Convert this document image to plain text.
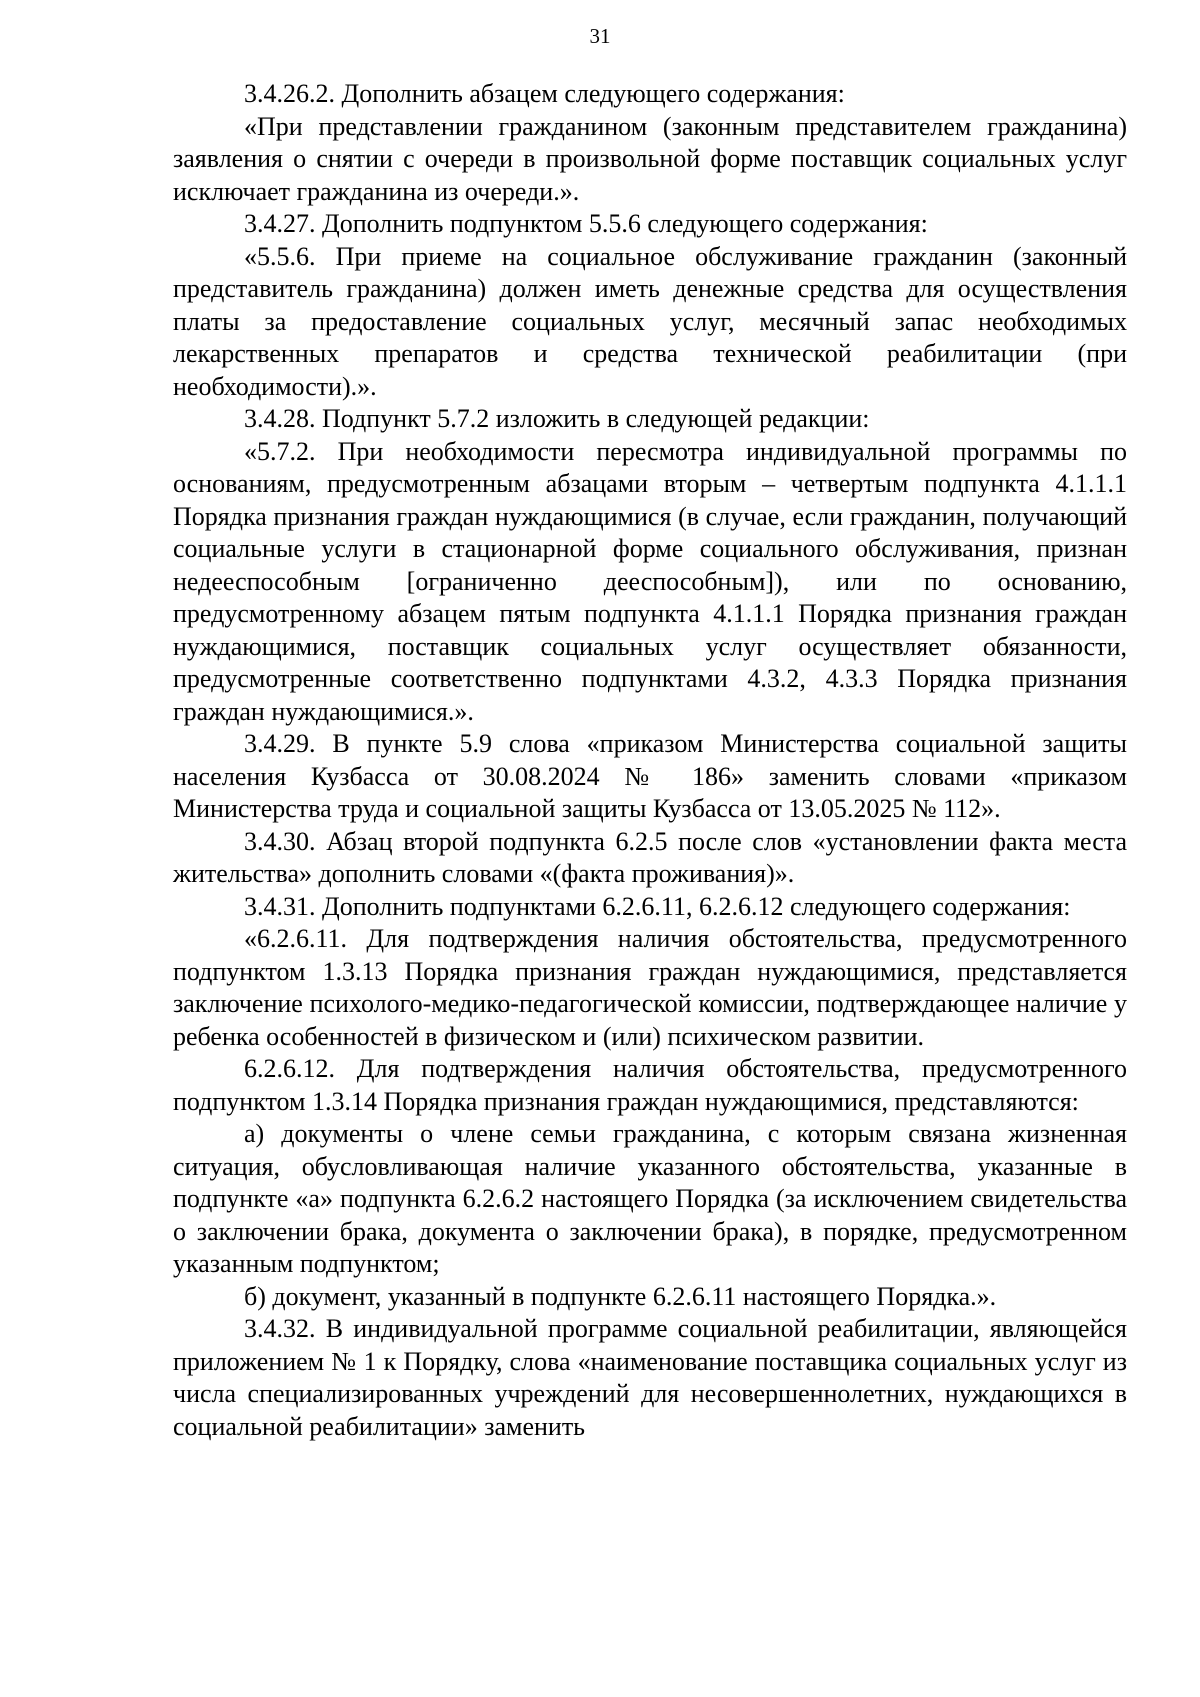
31

3.4.26.2. Дополнить абзацем следующего содержания:

«При представлении гражданином (законным представителем гражданина) заявления о снятии с очереди в произвольной форме поставщик социальных услуг исключает гражданина из очереди.».

3.4.27. Дополнить подпунктом 5.5.6 следующего содержания:

«5.5.6. При приеме на социальное обслуживание гражданин (законный представитель гражданина) должен иметь денежные средства для осуществления платы за предоставление социальных услуг, месячный запас необходимых лекарственных препаратов и средства технической реабилитации (при необходимости).».

3.4.28. Подпункт 5.7.2 изложить в следующей редакции:

«5.7.2. При необходимости пересмотра индивидуальной программы по основаниям, предусмотренным абзацами вторым – четвертым подпункта 4.1.1.1 Порядка признания граждан нуждающимися (в случае, если гражданин, получающий социальные услуги в стационарной форме социального обслуживания, признан недееспособным [ограниченно дееспособным]), или по основанию, предусмотренному абзацем пятым подпункта 4.1.1.1 Порядка признания граждан нуждающимися, поставщик социальных услуг осуществляет обязанности, предусмотренные соответственно подпунктами 4.3.2, 4.3.3 Порядка признания граждан нуждающимися.».

3.4.29. В пункте 5.9 слова «приказом Министерства социальной защиты населения Кузбасса от 30.08.2024 № 186» заменить словами «приказом Министерства труда и социальной защиты Кузбасса от 13.05.2025 № 112».

3.4.30. Абзац второй подпункта 6.2.5 после слов «установлении факта места жительства» дополнить словами «(факта проживания)».

3.4.31. Дополнить подпунктами 6.2.6.11, 6.2.6.12 следующего содержания:

«6.2.6.11. Для подтверждения наличия обстоятельства, предусмотренного подпунктом 1.3.13 Порядка признания граждан нуждающимися, представляется заключение психолого-медико-педагогической комиссии, подтверждающее наличие у ребенка особенностей в физическом и (или) психическом развитии.

6.2.6.12. Для подтверждения наличия обстоятельства, предусмотренного подпунктом 1.3.14 Порядка признания граждан нуждающимися, представляются:

а) документы о члене семьи гражданина, с которым связана жизненная ситуация, обусловливающая наличие указанного обстоятельства, указанные в подпункте «а» подпункта 6.2.6.2 настоящего Порядка (за исключением свидетельства о заключении брака, документа о заключении брака), в порядке, предусмотренном указанным подпунктом;

б) документ, указанный в подпункте 6.2.6.11 настоящего Порядка.».

3.4.32. В индивидуальной программе социальной реабилитации, являющейся приложением № 1 к Порядку, слова «наименование поставщика социальных услуг из числа специализированных учреждений для несовершеннолетних, нуждающихся в социальной реабилитации» заменить
